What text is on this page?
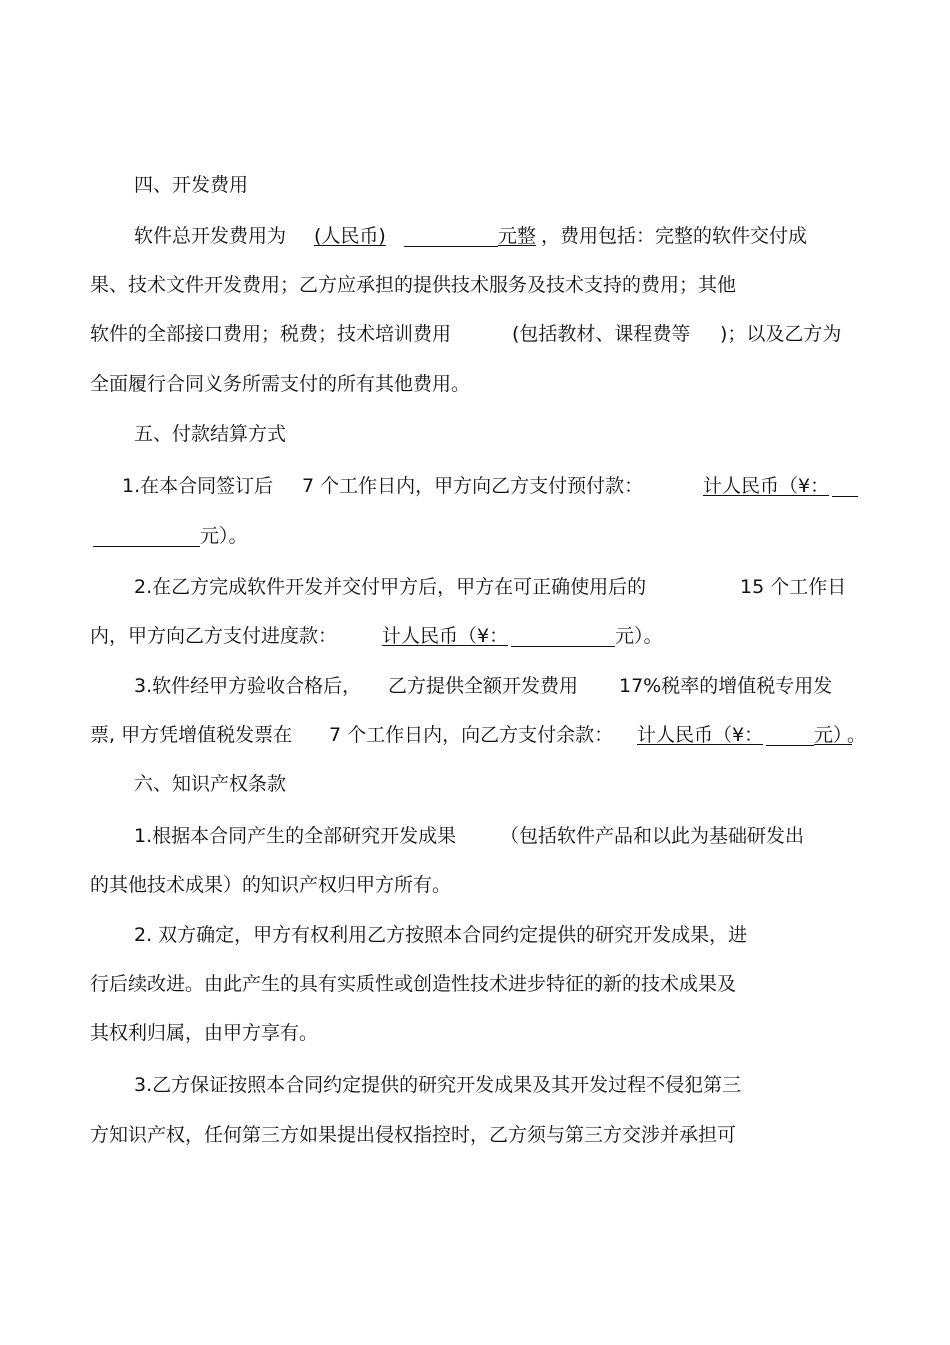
四、开发费用
软件总开发费用为 (人民币)	元整 ，费用包括：完整的软件交付成
果、技术文件开发费用；乙方应承担的提供技术服务及技术支持的费用；其他
软件的全部接口费用；税费；技术培训费用	(包括教材、课程费等 )；以及乙方为
全面履行合同义务所需支付的所有其他费用。
五、付款结算方式
1.在本合同签订后 7 个工作日内，甲方向乙方支付预付款：	计人民币（¥：
元）。
2.在乙方完成软件开发并交付甲方后，甲方在可正确使用后的	15 个工作日
内，甲方向乙方支付进度款： 计人民币（¥：	元）。
3.软件经甲方验收合格后， 乙方提供全额开发费用 17%税率的增值税专用发
票, 甲方凭增值税发票在 7 个工作日内，向乙方支付余款： 计人民币（¥：	元）
。
六、知识产权条款
1.根据本合同产生的全部研究开发成果 （包括软件产品和以此为基础研发出
的其他技术成果）的知识产权归甲方所有。
2. 双方确定，甲方有权利用乙方按照本合同约定提供的研究开发成果，进
行后续改进。由此产生的具有实质性或创造性技术进步特征的新的技术成果及
其权利归属，由甲方享有。
3.乙方保证按照本合同约定提供的研究开发成果及其开发过程不侵犯第三
方知识产权，任何第三方如果提出侵权指控时，乙方须与第三方交涉并承担可
